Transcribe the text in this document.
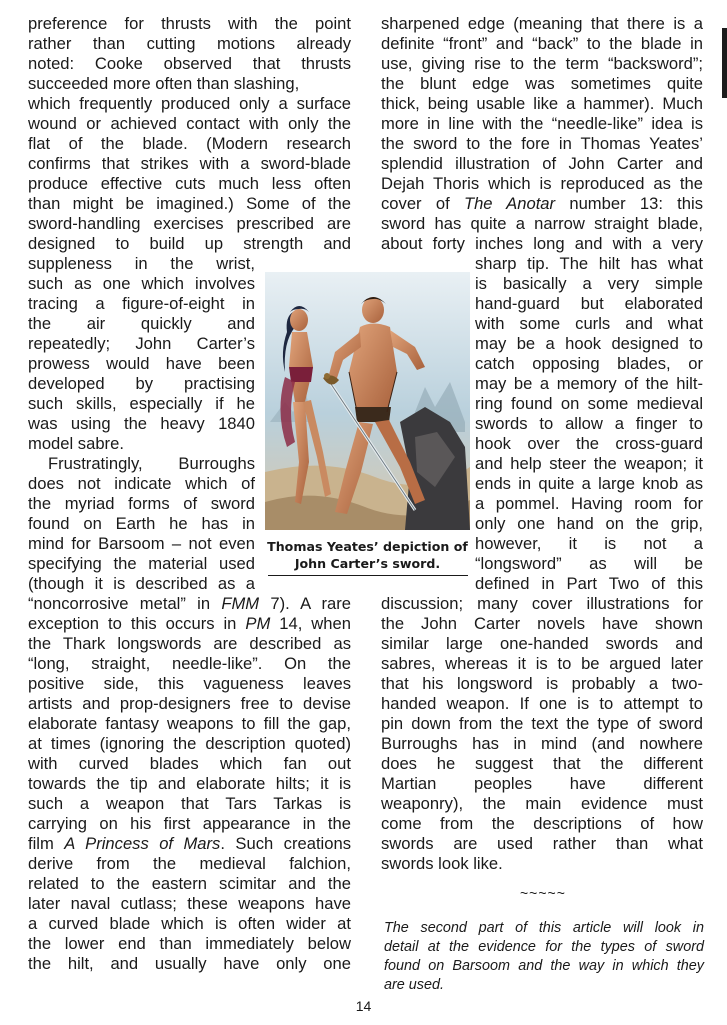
preference for thrusts with the point
rather than cutting motions already
noted: Cooke observed that thrusts
succeeded more often than slashing,
which frequently produced only a surface
wound or achieved contact with only the
flat of the blade. (Modern research
confirms that strikes with a sword-blade
produce effective cuts much less often
than might be imagined.) Some of the
sword-handling exercises prescribed are
designed to build up strength and
suppleness in the wrist,
such as one which involves
tracing a figure-of-eight in
the air quickly and
repeatedly; John Carter’s
prowess would have been
developed by practising
such skills, especially if he
was using the heavy 1840
model sabre.
Frustratingly, Burroughs
does not indicate which of
the myriad forms of sword
found on Earth he has in
mind for Barsoom – not even
specifying the material used
(though it is described as a
“noncorrosive metal” in FMM 7). A rare
exception to this occurs in PM 14, when
the Thark longswords are described as
“long, straight, needle-like”. On the
positive side, this vagueness leaves
artists and prop-designers free to devise
elaborate fantasy weapons to fill the gap,
at times (ignoring the description quoted)
with curved blades which fan out
towards the tip and elaborate hilts; it is
such a weapon that Tars Tarkas is
carrying on his first appearance in the
film A Princess of Mars. Such creations
derive from the medieval falchion,
related to the eastern scimitar and the
later naval cutlass; these weapons have
a curved blade which is often wider at
the lower end than immediately below
the hilt, and usually have only one
sharpened edge (meaning that there is a
definite “front” and “back” to the blade in
use, giving rise to the term “backsword”;
the blunt edge was sometimes quite
thick, being usable like a hammer). Much
more in line with the “needle-like” idea is
the sword to the fore in Thomas Yeates’
splendid illustration of John Carter and
Dejah Thoris which is reproduced as the
cover of The Anotar number 13: this
sword has quite a narrow straight blade,
about forty inches long and with a very
sharp tip. The hilt has what
is basically a very simple
hand-guard but elaborated
with some curls and what
may be a hook designed to
catch opposing blades, or
may be a memory of the hilt-
ring found on some medieval
swords to allow a finger to
hook over the cross-guard
and help steer the weapon; it
ends in quite a large knob as
a pommel. Having room for
only one hand on the grip,
however, it is not a
“longsword” as will be
defined in Part Two of this
discussion; many cover illustrations for
the John Carter novels have shown
similar large one-handed swords and
sabres, whereas it is to be argued later
that his longsword is probably a two-
handed weapon. If one is to attempt to
pin down from the text the type of sword
Burroughs has in mind (and nowhere
does he suggest that the different
Martian peoples have different
weaponry), the main evidence must
come from the descriptions of how
swords are used rather than what
swords look like.
~~~~~
The second part of this article will look in
detail at the evidence for the types of sword
found on Barsoom and the way in which they
are used.
Thomas Yeates’ depiction of
John Carter’s sword.
14
